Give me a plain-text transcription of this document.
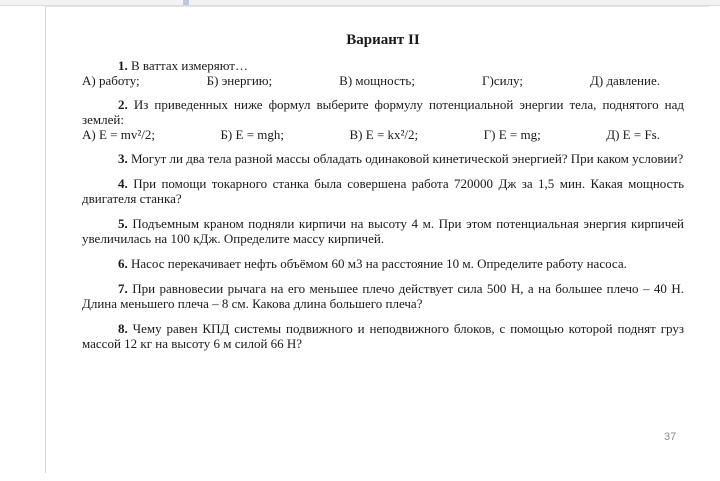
Вариант II

1. В ваттах измеряют…

А) работу;	Б) энергию;	В) мощность;	Г)силу;	Д) давление.

2. Из приведенных ниже формул выберите формулу потенциальной энергии тела, поднятого над землей:

А) E = mv²/2;	Б) E = mgh;	В) E = kx²/2;	Г) E = mg;	Д) E = Fs.

3. Могут ли два тела разной массы обладать одинаковой кинетической энергией? При каком условии?

4. При помощи токарного станка была совершена работа 720000 Дж за 1,5 мин. Какая мощность двигателя станка?

5. Подъемным краном подняли кирпичи на высоту 4 м. При этом потенциальная энергия кирпичей увеличилась на 100 кДж. Определите массу кирпичей.

6. Насос перекачивает нефть объёмом 60 м3 на расстояние 10 м. Определите работу насоса.

7. При равновесии рычага на его меньшее плечо действует сила 500 Н, а на большее плечо – 40 Н. Длина меньшего плеча – 8 см. Какова длина большего плеча?

8. Чему равен КПД системы подвижного и неподвижного блоков, с помощью которой поднят груз массой 12 кг на высоту 6 м силой 66 Н?

37
